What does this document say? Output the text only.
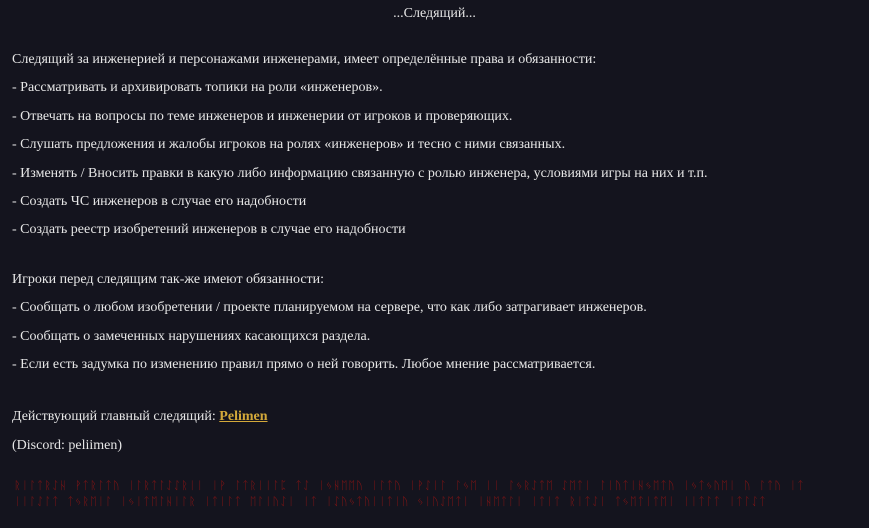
...Следящий...
Следящий за инженерией и персонажами инженерами, имеет определённые права и обязанности:
- Рассматривать и архивировать топики на роли «инженеров».
- Отвечать на вопросы по теме инженеров и инженерии от игроков и проверяющих.
- Слушать предложения и жалобы игроков на ролях «инженеров» и тесно с ними связанных.
- Изменять / Вносить правки в какую либо информацию связанную с ролью инженера, условиями игры на них и т.п.
- Создать ЧС инженеров в случае его надобности
- Создать реестр изобретений инженеров в случае его надобности
Игроки перед следящим так-же имеют обязанности:
- Сообщать о любом изобретении / проекте планируемом на сервере, что как либо затрагивает инженеров.
- Сообщать о замеченных нарушениях касающихся раздела.
- Если есть задумка по изменению правил прямо о ней говорить. Любое мнение рассматривается.
Действующий главный следящий: Pelimen
(Discord: peliimen)
ᚱᛁᛚᛏᚱᛇᚺ ᚹᛏᚱᛚᛏᚢ ᛁᛚᚱᛏᛚᛇᛇᚱᛁᛁ ᛁᚹ ᛚᛏᚱᛁᛁᛚᛈ ᛏᛇ ᛁᛃᚺᛖᛖᚢ ᛁᛚᛏᚢ ᛁᚹᛇᛁᛚ ᛚᛃᛖ ᛁᛁ ᛚᛃᚱᛇᛏᛖ ᛇᛖᛏᛁ ᛚᛁᚢᛏᛁᚺᛃᛖᛏᚢ ᛁᛃᛏᛃᚢᛖᛁ ᚢ ᛚᛏᚢ ᛁᛏ
ᛁᛁᛚᛇᛚᛏ ᛏᛃᚱᛖᛁᛚ ᛁᛃᛁᛏᛖᛚᚺᛁᛚᚱ ᛁᛏᛁᛚᛏ ᛖᛚᛁᚢᛇᛁ ᛁᛏ ᛁᛇᚢᛃᛏᚢᛁᛁᛏᛁᚢ ᛃᛁᚢᛇᛖᛏᛁ ᛁᚺᛖᛏᛚᛁ ᛁᛏᛁᛏ ᚱᛁᛏᛇᛁ ᛏᛃᛖᛏᛁᛏᛖᛁ ᛁᛁᛏᛚᛏ ᛁᛏᛚᛇᛏ
